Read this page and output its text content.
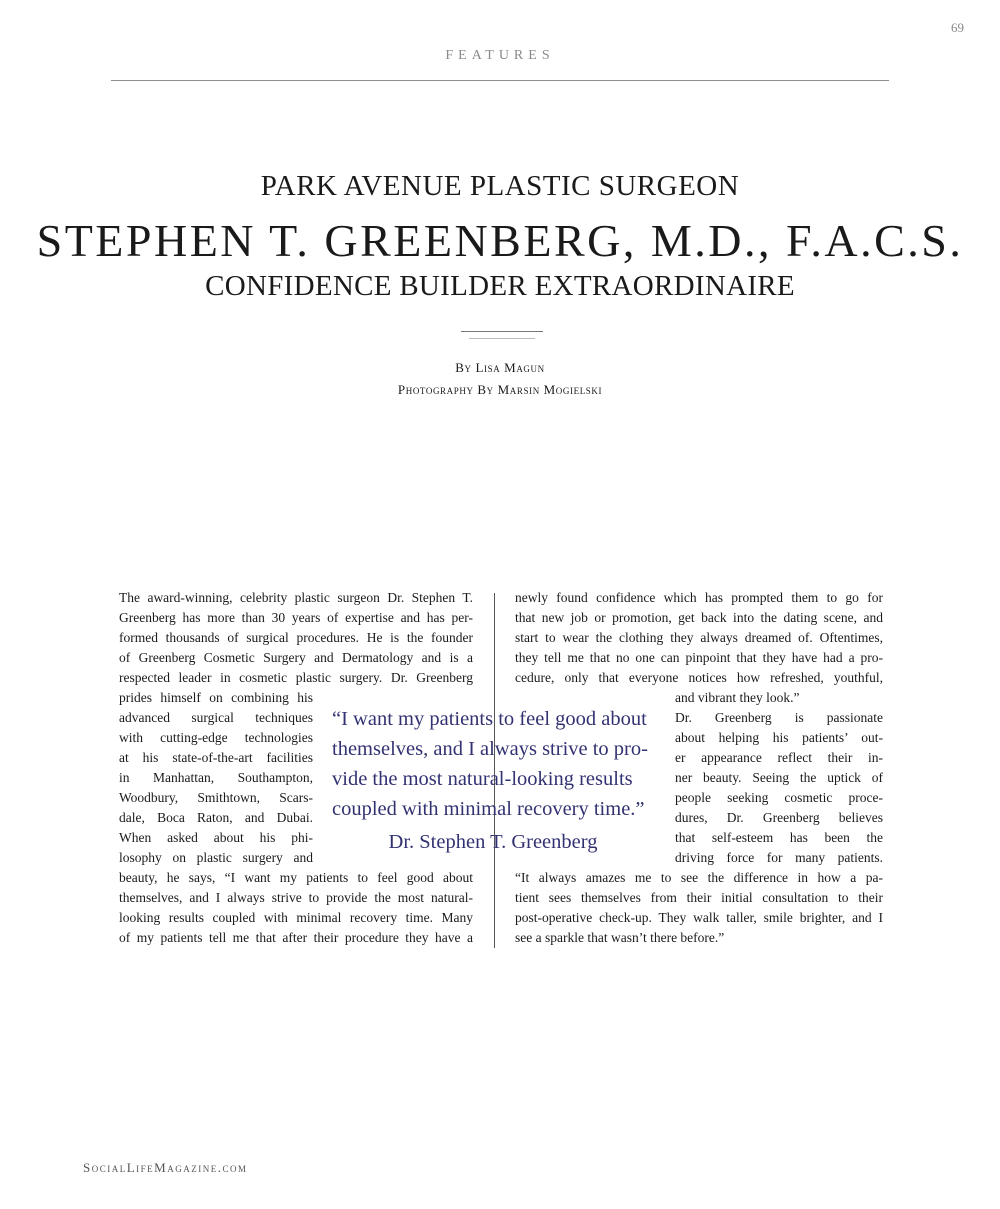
69
FEATURES
PARK AVENUE PLASTIC SURGEON
STEPHEN T. GREENBERG, M.D., F.A.C.S.
CONFIDENCE BUILDER EXTRAORDINAIRE
By Lisa Magun
Photography By Marsin Mogielski
The award-winning, celebrity plastic surgeon Dr. Stephen T.
Greenberg has more than 30 years of expertise and has per-
formed thousands of surgical procedures. He is the founder
of Greenberg Cosmetic Surgery and Dermatology and is a
respected leader in cosmetic plastic surgery. Dr. Greenberg
prides himself on combining his
advanced surgical techniques
with cutting-edge technologies
at his state-of-the-art facilities
in Manhattan, Southampton,
Woodbury, Smithtown, Scars-
dale, Boca Raton, and Dubai.
When asked about his phi-
losophy on plastic surgery and
beauty, he says, “I want my patients to feel good about
themselves, and I always strive to provide the most natural-
looking results coupled with minimal recovery time. Many
of my patients tell me that after their procedure they have a
newly found confidence which has prompted them to go for
that new job or promotion, get back into the dating scene, and
start to wear the clothing they always dreamed of. Oftentimes,
they tell me that no one can pinpoint that they have had a pro-
cedure, only that everyone notices how refreshed, youthful,
and vibrant they look.”
Dr. Greenberg is passionate
about helping his patients’ out-
er appearance reflect their in-
ner beauty. Seeing the uptick of
people seeking cosmetic proce-
dures, Dr. Greenberg believes
that self-esteem has been the
driving force for many patients.
“It always amazes me to see the difference in how a pa-
tient sees themselves from their initial consultation to their
post-operative check-up. They walk taller, smile brighter, and I
see a sparkle that wasn’t there before.”
“I want my patients to feel good about
themselves, and I always strive to pro-
vide the most natural-looking results
coupled with minimal recovery time.”
Dr. Stephen T. Greenberg
SocialLifeMagazine.com
